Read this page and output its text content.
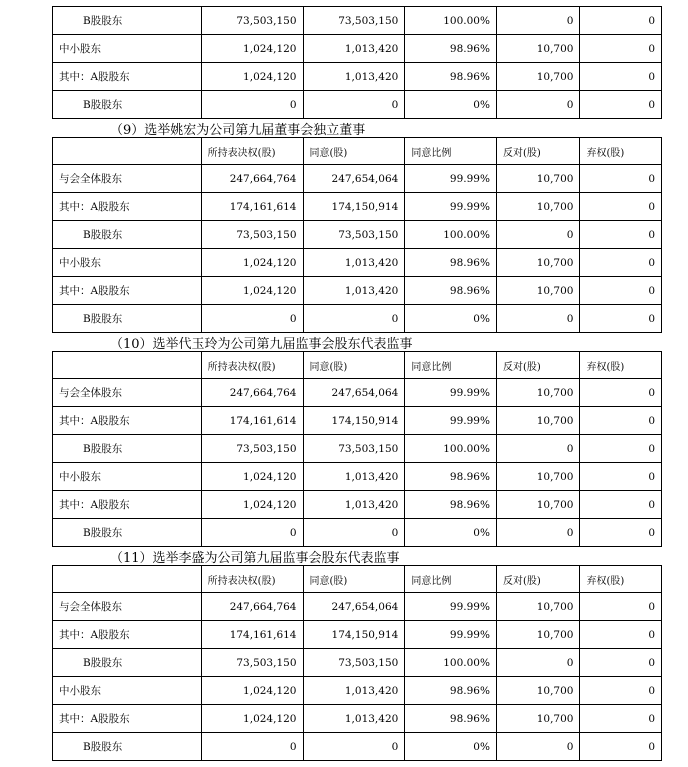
B股股东	73,503,150	73,503,150	100.00%	0	0
中小股东	1,024,120	1,013,420	98.96%	10,700	0
其中：A股股东	1,024,120	1,013,420	98.96%	10,700	0
B股股东	0	0	0%	0	0
（9）选举姚宏为公司第九届董事会独立董事
	所持表决权(股)	同意(股)	同意比例	反对(股)	弃权(股)
与会全体股东	247,664,764	247,654,064	99.99%	10,700	0
其中：A股股东	174,161,614	174,150,914	99.99%	10,700	0
B股股东	73,503,150	73,503,150	100.00%	0	0
中小股东	1,024,120	1,013,420	98.96%	10,700	0
其中：A股股东	1,024,120	1,013,420	98.96%	10,700	0
B股股东	0	0	0%	0	0
（10）选举代玉玲为公司第九届监事会股东代表监事
	所持表决权(股)	同意(股)	同意比例	反对(股)	弃权(股)
与会全体股东	247,664,764	247,654,064	99.99%	10,700	0
其中：A股股东	174,161,614	174,150,914	99.99%	10,700	0
B股股东	73,503,150	73,503,150	100.00%	0	0
中小股东	1,024,120	1,013,420	98.96%	10,700	0
其中：A股股东	1,024,120	1,013,420	98.96%	10,700	0
B股股东	0	0	0%	0	0
（11）选举李盛为公司第九届监事会股东代表监事
	所持表决权(股)	同意(股)	同意比例	反对(股)	弃权(股)
与会全体股东	247,664,764	247,654,064	99.99%	10,700	0
其中：A股股东	174,161,614	174,150,914	99.99%	10,700	0
B股股东	73,503,150	73,503,150	100.00%	0	0
中小股东	1,024,120	1,013,420	98.96%	10,700	0
其中：A股股东	1,024,120	1,013,420	98.96%	10,700	0
B股股东	0	0	0%	0	0
